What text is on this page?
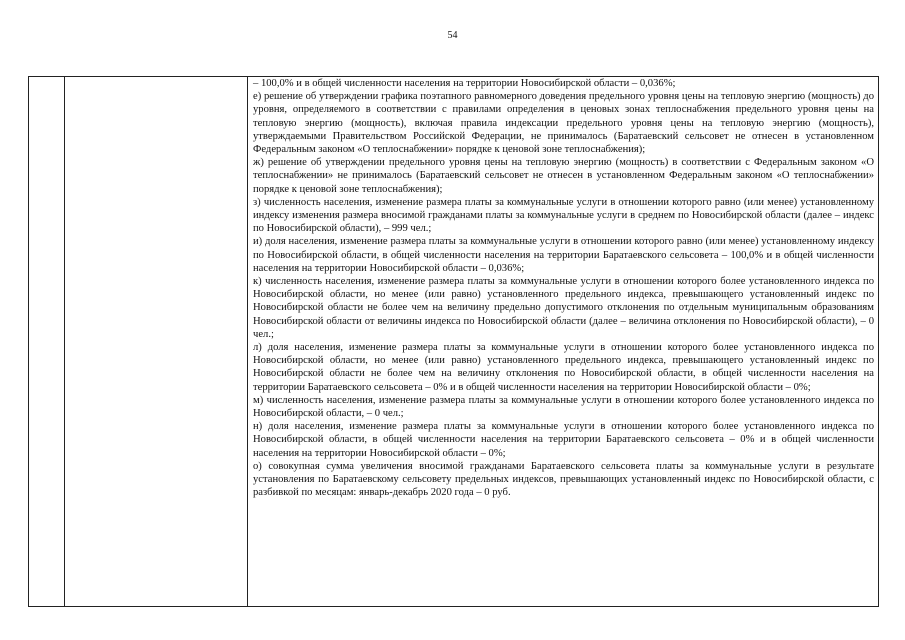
54

– 100,0% и в общей численности населения на территории Новосибирской области – 0,036%;

е) решение об утверждении графика поэтапного равномерного доведения предельного уровня цены на тепловую энергию (мощность) до уровня, определяемого в соответствии с правилами определения в ценовых зонах теплоснабжения предельного уровня цены на тепловую энергию (мощность), включая правила индексации предельного уровня цены на тепловую энергию (мощность), утверждаемыми Правительством Российской Федерации, не принималось (Баратаевский сельсовет не отнесен в установленном Федеральным законом «О теплоснабжении» порядке к ценовой зоне теплоснабжения);

ж) решение об утверждении предельного уровня цены на тепловую энергию (мощность) в соответствии с Федеральным законом «О теплоснабжении» не принималось (Баратаевский сельсовет не отнесен в установленном Федеральным законом «О теплоснабжении» порядке к ценовой зоне теплоснабжения);

з) численность населения, изменение размера платы за коммунальные услуги в отношении которого равно (или менее) установленному индексу изменения размера вносимой гражданами платы за коммунальные услуги в среднем по Новосибирской области (далее – индекс по Новосибирской области), – 999 чел.;

и) доля населения, изменение размера платы за коммунальные услуги в отношении которого равно (или менее) установленному индексу по Новосибирской области, в общей численности населения на территории Баратаевского сельсовета – 100,0% и в общей численности населения на территории Новосибирской области – 0,036%;

к) численность населения, изменение размера платы за коммунальные услуги в отношении которого более установленного индекса по Новосибирской области, но менее (или равно) установленного предельного индекса, превышающего установленный индекс по Новосибирской области не более чем на величину предельно допустимого отклонения по отдельным муниципальным образованиям Новосибирской области от величины индекса по Новосибирской области (далее – величина отклонения по Новосибирской области), – 0 чел.;

л) доля населения, изменение размера платы за коммунальные услуги в отношении которого более установленного индекса по Новосибирской области, но менее (или равно) установленного предельного индекса, превышающего установленный индекс по Новосибирской области не более чем на величину отклонения по Новосибирской области, в общей численности населения на территории Баратаевского сельсовета – 0% и в общей численности населения на территории Новосибирской области – 0%;

м) численность населения, изменение размера платы за коммунальные услуги в отношении которого более установленного индекса по Новосибирской области, – 0 чел.;

н) доля населения, изменение размера платы за коммунальные услуги в отношении которого более установленного индекса по Новосибирской области, в общей численности населения на территории Баратаевского сельсовета – 0% и в общей численности населения на территории Новосибирской области – 0%;

о) совокупная сумма увеличения вносимой гражданами Баратаевского сельсовета платы за коммунальные услуги в результате установления по Баратаевскому сельсовету предельных индексов, превышающих установленный индекс по Новосибирской области, с разбивкой по месяцам: январь-декабрь 2020 года – 0 руб.
